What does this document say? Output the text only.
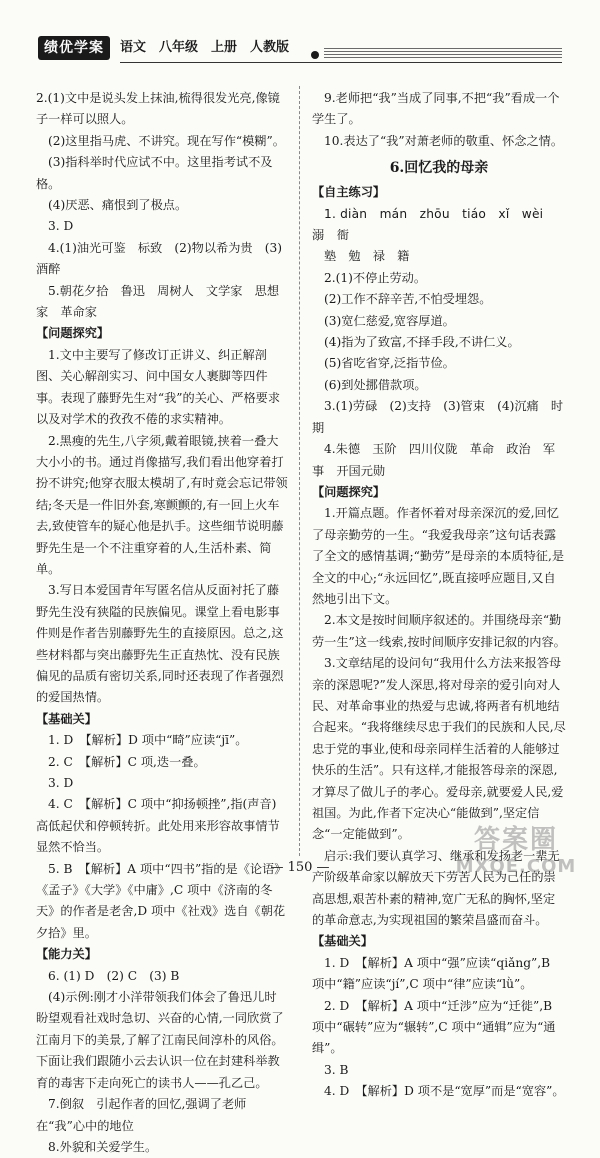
绩优学案	语文　八年级　上册　人教版

2.(1)文中是说头发上抹油,梳得很发光亮,像镜子一样可以照人。

(2)这里指马虎、不讲究。现在写作“模糊”。

(3)指科举时代应试不中。这里指考试不及格。

(4)厌恶、痛恨到了极点。

3. D

4.(1)油光可鉴　标致　(2)物以希为贵　(3)酒醉

5.朝花夕拾　鲁迅　周树人　文学家　思想家　革命家

【问题探究】

1.文中主要写了修改订正讲义、纠正解剖图、关心解剖实习、问中国女人裹脚等四件事。表现了藤野先生对“我”的关心、严格要求以及对学术的孜孜不倦的求实精神。

2.黑瘦的先生,八字须,戴着眼镜,挟着一叠大大小小的书。通过肖像描写,我们看出他穿着打扮不讲究;他穿衣服太模胡了,有时竟会忘记带领结;冬天是一件旧外套,寒颤颤的,有一回上火车去,致使管车的疑心他是扒手。这些细节说明藤野先生是一个不注重穿着的人,生活朴素、简单。

3.写日本爱国青年写匿名信从反面衬托了藤野先生没有狭隘的民族偏见。课堂上看电影事件则是作者告别藤野先生的直接原因。总之,这些材料都与突出藤野先生正直热忱、没有民族偏见的品质有密切关系,同时还表现了作者强烈的爱国热情。

【基础关】

1. D　【解析】D 项中“畸”应读“jī”。

2. C　【解析】C 项,迭一叠。

3. D

4. C　【解析】C 项中“抑扬顿挫”,指(声音)高低起伏和停顿转折。此处用来形容故事情节显然不恰当。

5. B　【解析】A 项中“四书”指的是《论语》《孟子》《大学》《中庸》,C 项中《济南的冬天》的作者是老舍,D 项中《社戏》选自《朝花夕拾》里。

【能力关】

6. (1) D　(2) C　(3) B

(4)示例:刚才小洋带领我们体会了鲁迅儿时盼望观看社戏时急切、兴奋的心情,一同欣赏了江南月下的美景,了解了江南民间淳朴的风俗。下面让我们跟随小云去认识一位在封建科举教育的毒害下走向死亡的读书人——孔乙己。

7.倒叙　引起作者的回忆,强调了老师在“我”心中的地位

8.外貌和关爱学生。

9.老师把“我”当成了同事,不把“我”看成一个学生了。

10.表达了“我”对萧老师的敬重、怀念之情。

6.回忆我的母亲

【自主练习】

1. diàn　mán　zhōu　tiáo　xǐ　wèi　溺　衙

塾　勉　禄　籍

2.(1)不停止劳动。

(2)工作不辞辛苦,不怕受埋怨。

(3)宽仁慈爱,宽容厚道。

(4)指为了致富,不择手段,不讲仁义。

(5)省吃省穿,泛指节俭。

(6)到处挪借款项。

3.(1)劳碌　(2)支持　(3)管束　(4)沉痛　时期

4.朱德　玉阶　四川仪陇　革命　政治　军事　开国元勋

【问题探究】

1.开篇点题。作者怀着对母亲深沉的爱,回忆了母亲勤劳的一生。“我爱我母亲”这句话表露了全文的感情基调;“勤劳”是母亲的本质特征,是全文的中心;“永远回忆”,既直接呼应题目,又自然地引出下文。

2.本文是按时间顺序叙述的。并围绕母亲“勤劳一生”这一线索,按时间顺序安排记叙的内容。

3.文章结尾的设问句“我用什么方法来报答母亲的深恩呢?”发人深思,将对母亲的爱引向对人民、对革命事业的热爱与忠诚,将两者有机地结合起来。“我将继续尽忠于我们的民族和人民,尽忠于党的事业,使和母亲同样生活着的人能够过快乐的生活”。只有这样,才能报答母亲的深恩,才算尽了做儿子的孝心。爱母亲,就要爱人民,爱祖国。为此,作者下定决心“能做到”,坚定信念“一定能做到”。

启示:我们要认真学习、继承和发扬老一辈无产阶级革命家以解放天下劳苦人民为己任的崇高思想,艰苦朴素的精神,宽广无私的胸怀,坚定的革命意志,为实现祖国的繁荣昌盛而奋斗。

【基础关】

1. D　【解析】A 项中“强”应读“qiǎng”,B 项中“籍”应读“jí”,C 项中“律”应读“lǜ”。

2. D　【解析】A 项中“迁涉”应为“迁徙”,B 项中“碾转”应为“辗转”,C 项中“通辑”应为“通缉”。

3. B

4. D　【解析】D 项不是“宽厚”而是“宽容”。

— 150 —
答案圈
MXQE.COM
